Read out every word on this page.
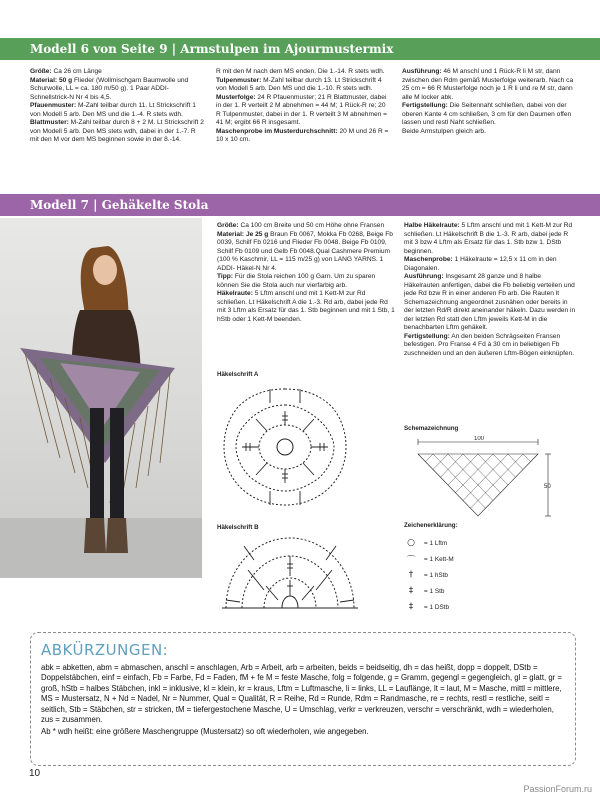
Modell 6 von Seite 9 | Armstulpen im Ajourmustermix

Größe: Ca 26 cm Länge

Material: 50 g Flieder (Wollmischgarn Baumwolle und Schurwolle, LL = ca. 180 m/50 g). 1 Paar ADDI-Schnellstrick-N Nr 4 bis 4,5.

Pfauenmuster: M-Zahl teilbar durch 11. Lt Strickschrift 1 von Modell 5 arb. Den MS und die 1.-4. R stets wdh.

Blattmuster: M-Zahl teilbar durch 8 + 2 M. Lt Strickschrift 2 von Modell 5 arb. Den MS stets wdh, dabei in der 1.-7. R mit den M vor dem MS beginnen sowie in der 8.-14.

R mit den M nach dem MS enden. Die 1.-14. R stets wdh.

Tulpenmuster: M-Zahl teilbar durch 13. Lt Strickschrift 4 von Modell 5 arb. Den MS und die 1.-10. R stets wdh.

Musterfolge: 24 R Pfauenmuster; 21 R Blattmuster, dabei in der 1. R verteilt 2 M abnehmen = 44 M; 1 Rück-R re; 20 R Tulpenmuster, dabei in der 1. R verteilt 3 M abnehmen = 41 M; ergibt 66 R insgesamt.

Maschenprobe im Musterdurchschnitt: 20 M und 26 R = 10 x 10 cm.

Ausführung: 46 M anschl und 1 Rück-R li M str, dann zwischen den Rdm gemäß Musterfolge weiterarb. Nach ca 25 cm = 66 R Musterfolge noch je 1 R li und re M str, dann alle M locker abk.

Fertigstellung: Die Seitennaht schließen, dabei von der oberen Kante 4 cm schließen, 3 cm für den Daumen offen lassen und restl Naht schließen.

Beide Armstulpen gleich arb.

Modell 7 | Gehäkelte Stola

Größe: Ca 100 cm Breite und 50 cm Höhe ohne Fransen

Material: Je 25 g Braun Fb 0067, Mokka Fb 0268, Beige Fb 0039, Schilf Fb 0216 und Flieder Fb 0048. Beige Fb 0109, Schilf Fb 0109 und Gelb Fb 0048.Qual Cashmere Premium (100 % Kaschmir, LL = 115 m/25 g) von LANG YARNS. 1 ADDI- Häkel-N Nr 4.

Tipp: Für die Stola reichen 100 g Garn. Um zu sparen können Sie die Stola auch nur vierfarbig arb.

Häkelraute: 5 Lftm anschl und mit 1 Kett-M zur Rd schließen. Lt Häkelschrift A die 1.-3. Rd arb, dabei jede Rd mit 3 Lftm als Ersatz für das 1. Stb beginnen und mit 1 Stb, 1 hStb oder 1 Kett-M beenden.

Halbe Häkelraute: 5 Lftm anschl und mit 1 Kett-M zur Rd schließen. Lt Häkelschrift B die 1.-3. R arb, dabei jede R mit 3 bzw 4 Lftm als Ersatz für das 1. Stb bzw 1. DStb beginnen.

Maschenprobe: 1 Häkelraute = 12,5 x 11 cm in den Diagonalen.

Ausführung: Insgesamt 28 ganze und 8 halbe Häkelrauten anfertigen, dabei die Fb beliebig verteilen und jede Rd bzw R in einer anderen Fb arb. Die Rauten lt Schemazeichnung angeordnet zusnähen oder bereits in der letzten Rd/R direkt aneinander häkeln. Dazu werden in der letzten Rd statt den Lftm jeweils Kett-M in die benachbarten Lftm gehäkelt.

Fertigstellung: An den beiden Schrägseiten Fransen befestigen. Pro Franse 4 Fd à 30 cm in beliebigen Fb zuschneiden und an den äußeren Lftm-Bögen einknüpfen.

Häkelschrift A
Häkelschrift B
Schemazeichnung
100
50
Zeichenerklärung:
○	= 1 Lftm
⌒	= 1 Kett-M
†	= 1 hStb
‡	= 1 Stb
‡	= 1 DStb
ABKÜRZUNGEN:
abk = abketten, abm = abmaschen, anschl = anschlagen, Arb = Arbeit, arb = arbeiten, beids = beidseitig, dh = das heißt, dopp = doppelt, DStb = Doppelstäbchen, einf = einfach, Fb = Farbe, Fd = Faden, fM + fe M = feste Masche, folg = folgende, g = Gramm, gegengl = gegengleich, gl = glatt, gr = groß, hStb = halbes Stäbchen, inkl = inklusive, kl = klein, kr = kraus, Lftm = Luftmasche, li = links, LL = Lauflänge, lt = laut, M = Masche, mittl = mittlere, MS = Mustersatz, N + Nd = Nadel, Nr = Nummer, Qual = Qualität, R = Reihe, Rd = Runde, Rdm = Randmasche, re = rechts, restl = restliche, seitl = seitlich, Stb = Stäbchen, str = stricken, tM = tiefergestochene Masche, U = Umschlag, verkr = verkreuzen, verschr = verschränkt, wdh = wiederholen, zus = zusammen.
Ab * wdh heißt: eine größere Maschengruppe (Mustersatz) so oft wiederholen, wie angegeben.
10
PassionForum.ru
